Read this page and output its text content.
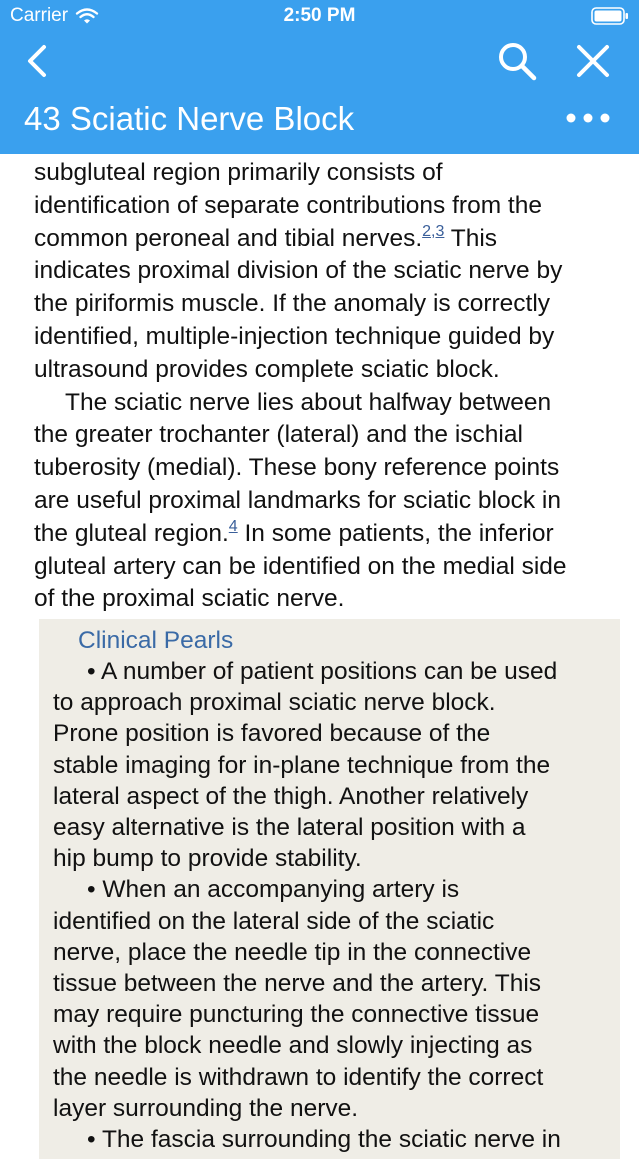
Carrier	2:50 PM
43 Sciatic Nerve Block

subgluteal region primarily consists of
identification of separate contributions from the
common peroneal and tibial nerves.$^{2,3}$ This
indicates proximal division of the sciatic nerve by
the piriformis muscle. If the anomaly is correctly
identified, multiple-injection technique guided by
ultrasound provides complete sciatic block.

The sciatic nerve lies about halfway between
the greater trochanter (lateral) and the ischial
tuberosity (medial). These bony reference points
are useful proximal landmarks for sciatic block in
the gluteal region.$^4$ In some patients, the inferior
gluteal artery can be identified on the medial side
of the proximal sciatic nerve.

Clinical Pearls
• A number of patient positions can be used
to approach proximal sciatic nerve block.
Prone position is favored because of the
stable imaging for in-plane technique from the
lateral aspect of the thigh. Another relatively
easy alternative is the lateral position with a
hip bump to provide stability.
• When an accompanying artery is
identified on the lateral side of the sciatic
nerve, place the needle tip in the connective
tissue between the nerve and the artery. This
may require puncturing the connective tissue
with the block needle and slowly injecting as
the needle is withdrawn to identify the correct
layer surrounding the nerve.
• The fascia surrounding the sciatic nerve in
